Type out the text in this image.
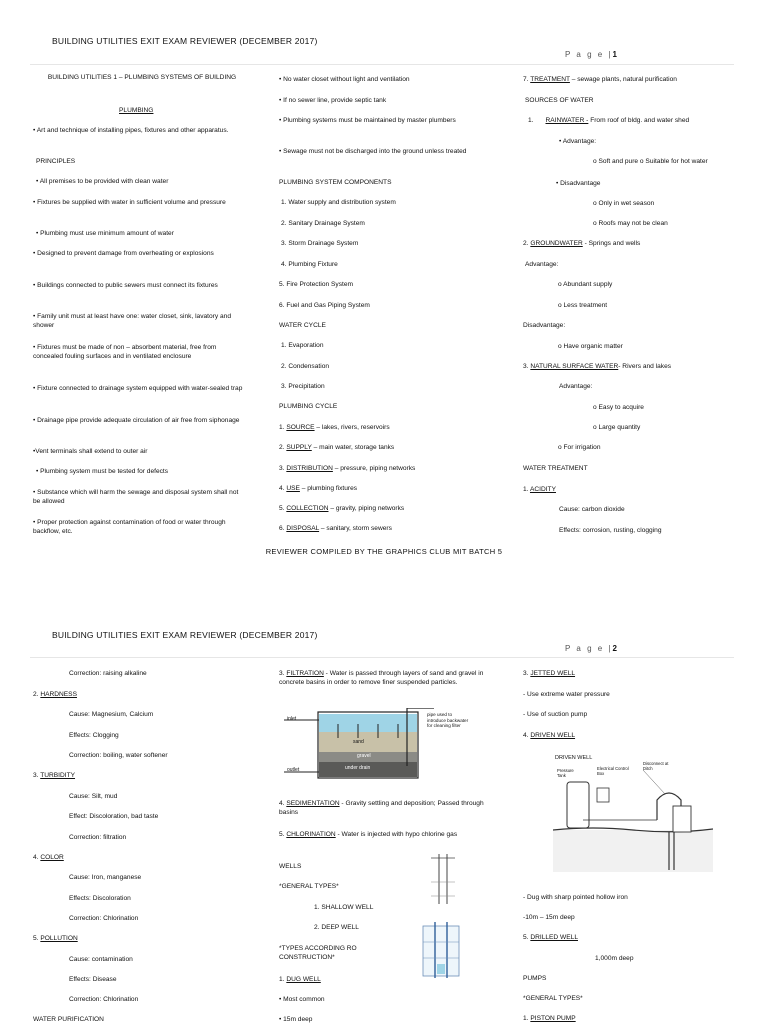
BUILDING UTILITIES EXIT EXAM REVIEWER (DECEMBER 2017)
P a g e |1
BUILDING UTILITIES 1 – PLUMBING SYSTEMS OF BUILDING
PLUMBING
• Art and technique of installing pipes, fixtures and other apparatus.
PRINCIPLES
• All premises to be provided with clean water
• Fixtures be supplied with water in sufficient volume and pressure
• Plumbing must use minimum amount of water
• Designed to prevent damage from overheating or explosions
• Buildings connected to public sewers must connect its fixtures
• Family unit must at least have one: water closet, sink, lavatory and shower
• Fixtures must be made of non – absorbent material, free from concealed fouling surfaces and in ventilated enclosure
• Fixture connected to drainage system equipped with water-sealed trap
• Drainage pipe provide adequate circulation of air free from siphonage
•Vent terminals shall extend to outer air
• Plumbing system must be tested for defects
• Substance which will harm the sewage and disposal system shall not be allowed
• Proper protection against contamination of food or water through backflow, etc.
• No water closet without light and ventilation
• If no sewer line, provide septic tank
• Plumbing systems must be maintained by master plumbers
• Sewage must not be discharged into the ground unless treated
PLUMBING SYSTEM COMPONENTS
1. Water supply and distribution system
2. Sanitary Drainage System
3. Storm Drainage System
4. Plumbing Fixture
5. Fire Protection System
6. Fuel and Gas Piping System
WATER CYCLE
1. Evaporation
2. Condensation
3. Precipitation
PLUMBING CYCLE
1. SOURCE – lakes, rivers, reservoirs
2. SUPPLY – main water, storage tanks
3. DISTRIBUTION – pressure, piping networks
4. USE – plumbing fixtures
5. COLLECTION – gravity, piping networks
6. DISPOSAL – sanitary, storm sewers
7. TREATMENT – sewage plants, natural purification
SOURCES OF WATER
1. RAINWATER - From roof of bldg. and water shed
• Advantage:
o Soft and pure o Suitable for hot water
• Disadvantage
o Only in wet season
o Roofs may not be clean
2. GROUNDWATER - Springs and wells
Advantage:
o Abundant supply
o Less treatment
Disadvantage:
o Have organic matter
3. NATURAL SURFACE WATER- Rivers and lakes
Advantage:
o Easy to acquire
o Large quantity
o For irrigation
WATER TREATMENT
1. ACIDITY
Cause: carbon dioxide
Effects: corrosion, rusting, clogging
REVIEWER COMPILED BY THE GRAPHICS CLUB MIT BATCH 5
BUILDING UTILITIES EXIT EXAM REVIEWER (DECEMBER 2017)
P a g e |2
Correction: raising alkaline
2. HARDNESS
Cause: Magnesium, Calcium
Effects: Clogging
Correction: boiling, water softener
3. TURBIDITY
Cause: Silt, mud
Effect: Discoloration, bad taste
Correction: filtration
4. COLOR
Cause: Iron, manganese
Effects: Discoloration
Correction: Chlorination
5. POLLUTION
Cause: contamination
Effects: Disease
Correction: Chlorination
WATER PURIFICATION
3. FILTRATION - Water is passed through layers of sand and gravel in concrete basins in order to remove finer suspended particles.
inlet
outlet
sand
gravel
under drain
pipe used to introduce backwater for cleaning filter
4. SEDIMENTATION - Gravity settling and deposition; Passed through basins
5. CHLORINATION - Water is injected with hypo chlorine gas
WELLS
*GENERAL TYPES*
1. SHALLOW WELL
2. DEEP WELL
*TYPES ACCORDING RO CONSTRUCTION*
1. DUG WELL
• Most common
• 15m deep
3. JETTED WELL
- Use extreme water pressure
- Use of suction pump
4. DRIVEN WELL
DRIVEN WELL
Pressure Tank
Electrical Control Box
Disconnect at Ditch
- Dug with sharp pointed hollow iron
-10m – 15m deep
5. DRILLED WELL
1,000m deep
PUMPS
*GENERAL TYPES*
1. PISTON PUMP
